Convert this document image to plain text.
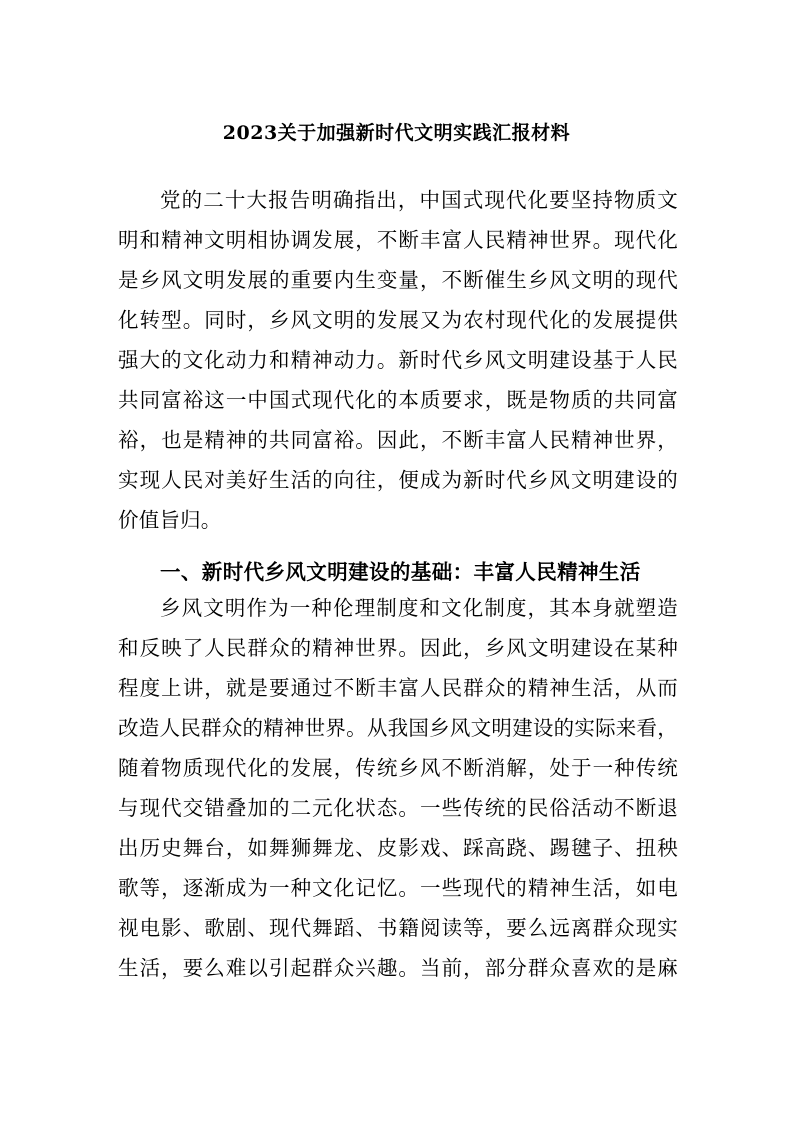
2023关于加强新时代文明实践汇报材料
党的二十大报告明确指出，中国式现代化要坚持物质文
明和精神文明相协调发展，不断丰富人民精神世界。现代化
是乡风文明发展的重要内生变量，不断催生乡风文明的现代
化转型。同时，乡风文明的发展又为农村现代化的发展提供
强大的文化动力和精神动力。新时代乡风文明建设基于人民
共同富裕这一中国式现代化的本质要求，既是物质的共同富
裕，也是精神的共同富裕。因此，不断丰富人民精神世界，
实现人民对美好生活的向往，便成为新时代乡风文明建设的
价值旨归。
一、新时代乡风文明建设的基础：丰富人民精神生活
乡风文明作为一种伦理制度和文化制度，其本身就塑造
和反映了人民群众的精神世界。因此，乡风文明建设在某种
程度上讲，就是要通过不断丰富人民群众的精神生活，从而
改造人民群众的精神世界。从我国乡风文明建设的实际来看，
随着物质现代化的发展，传统乡风不断消解，处于一种传统
与现代交错叠加的二元化状态。一些传统的民俗活动不断退
出历史舞台，如舞狮舞龙、皮影戏、踩高跷、踢毽子、扭秧
歌等，逐渐成为一种文化记忆。一些现代的精神生活，如电
视电影、歌剧、现代舞蹈、书籍阅读等，要么远离群众现实
生活，要么难以引起群众兴趣。当前，部分群众喜欢的是麻
